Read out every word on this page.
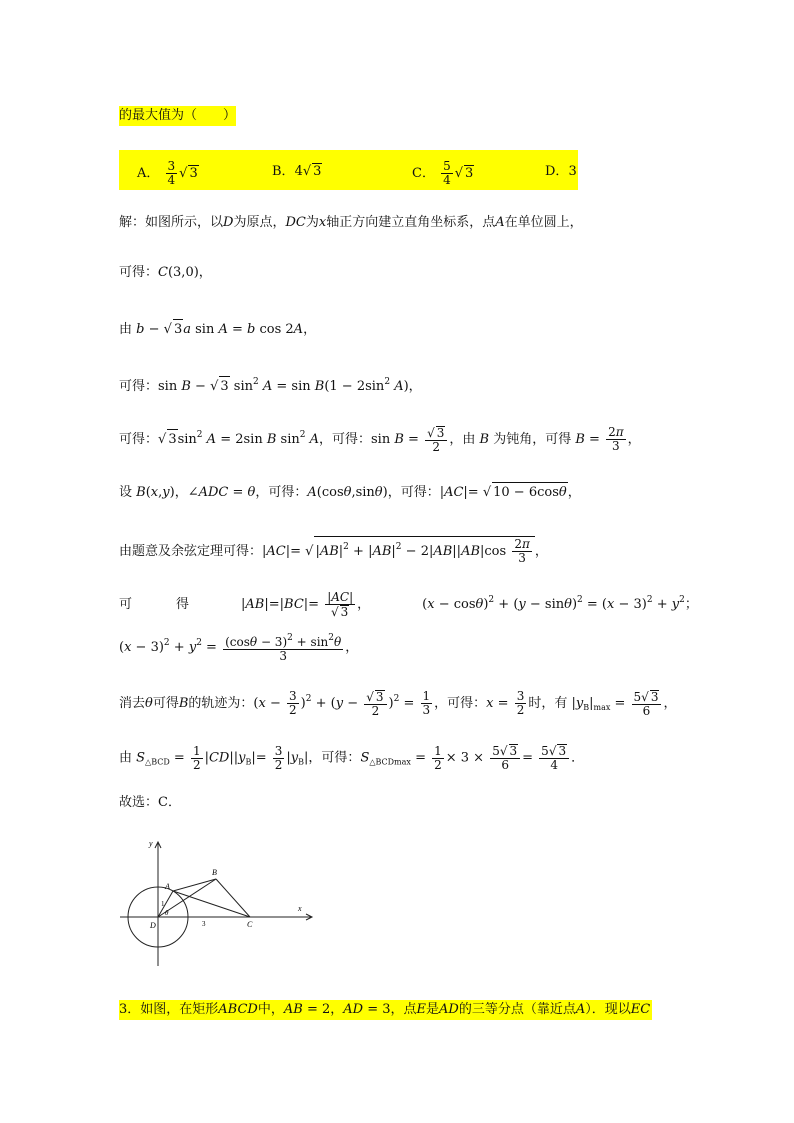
的最大值为（　　）
A． $\frac{3}{4}$ √ 3	B．4 √ 3	C． $\frac{5}{4}$ √ 3	D．3
解：如图所示，以D为原点，DC为x轴正方向建立直角坐标系，点A在单位圆上，
可得：C(3,0)，
由 b − √ 3a sin A = b cos 2A，
可得：sin B − √ 3 $\sin^2 A = \sin B(1 - 2\sin^2$ A)，
可得： √ $3\sin^2$ A = 2sin B $\sin^2 A$，可得：sin B = √ $\frac{3}{2}$ ，由 B 为钝角，可得 $B = \frac{2\pi}{3}$ ，
设 B(x,y)，∠ADC = θ，可得：A(cosθ,sinθ)，可得：|AC|= √ 10 − 6cosθ，
由题意及余弦定理可得：|AC|= √ $|AB|^2 + |AB|^2 - 2|AB||AB|\cos \frac{2\pi}{3}$ ，
可	得	|AB|=|BC|= |AC|
√ 3 ，	$(x - \cos\theta)^2 + (y - \sin\theta)^2 = (x - 3)^2 + y^2$；
$(x - 3)^2 + y^2 = \frac{(\cos\theta - 3)^2 + \sin^2\theta}{3}$ ，
消去θ可得B的轨迹为：$(x - \frac{3}{2} )^2 + (y$ − √ $\frac{3}{2} )^2 = \frac{1}{3}$ ，可得：$x = \frac{3}{2}$ 时，有 $|y_B|_{max} = \frac{5 √ 3}{6}$ ，
由 $S_{\triangle BCD} = \frac{1}{2} |CD||y_B|= \frac{3}{2} |y_B|$，可得：$S_{\triangle BCDmax} = \frac{1}{2} \times 3 \times \frac{5 √ 3}{6} = \frac{5 √ 3}{4}$ ．
故选：C．
y
x
A
B
C
D
1
3
θ
3．如图，在矩形ABCD中，AB = 2，AD = 3，点E是AD的三等分点（靠近点A）．现以EC
